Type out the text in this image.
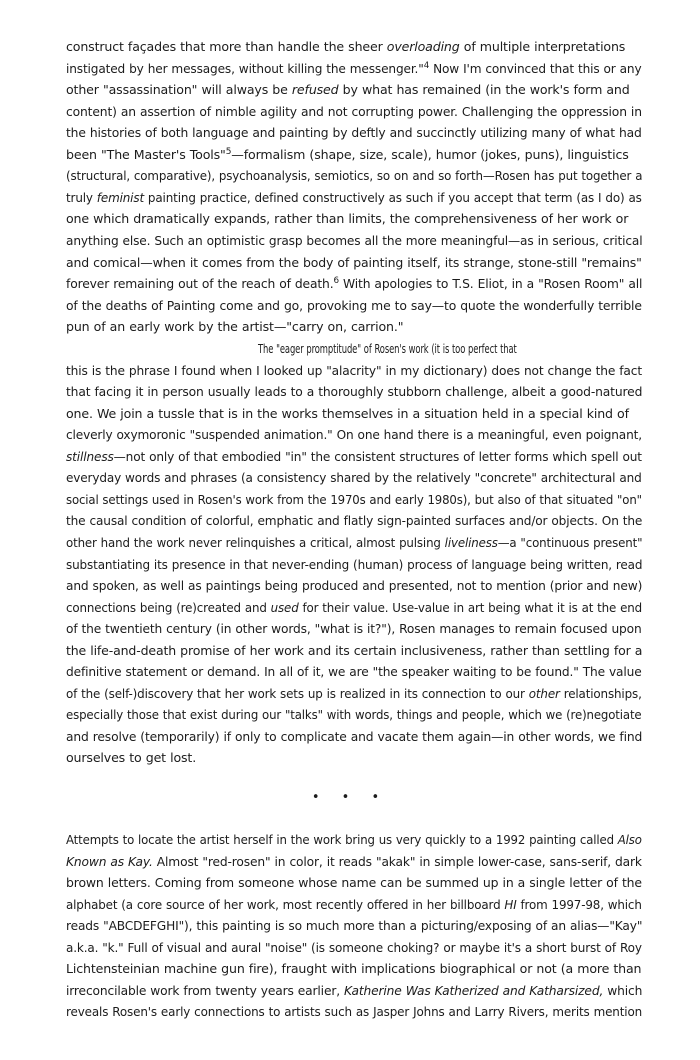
construct façades that more than handle the sheer overloading of multiple interpretations
instigated by her messages, without killing the messenger."$^4$ Now I'm convinced that this or any
other "assassination" will always be refused by what has remained (in the work's form and
content) an assertion of nimble agility and not corrupting power. Challenging the oppression in
the histories of both language and painting by deftly and succinctly utilizing many of what had
been "The Master's Tools"$^5$—formalism (shape, size, scale), humor (jokes, puns), linguistics
(structural, comparative), psychoanalysis, semiotics, so on and so forth—Rosen has put together a
truly feminist painting practice, defined constructively as such if you accept that term (as I do) as
one which dramatically expands, rather than limits, the comprehensiveness of her work or
anything else. Such an optimistic grasp becomes all the more meaningful—as in serious, critical
and comical—when it comes from the body of painting itself, its strange, stone-still "remains"
forever remaining out of the reach of death.$^6$ With apologies to T.S. Eliot, in a "Rosen Room" all
of the deaths of Painting come and go, provoking me to say—to quote the wonderfully terrible
pun of an early work by the artist—"carry on, carrion."
The "eager promptitude" of Rosen's work (it is too perfect that
this is the phrase I found when I looked up "alacrity" in my dictionary) does not change the fact
that facing it in person usually leads to a thoroughly stubborn challenge, albeit a good-natured
one. We join a tussle that is in the works themselves in a situation held in a special kind of
cleverly oxymoronic "suspended animation." On one hand there is a meaningful, even poignant,
stillness—not only of that embodied "in" the consistent structures of letter forms which spell out
everyday words and phrases (a consistency shared by the relatively "concrete" architectural and
social settings used in Rosen's work from the 1970s and early 1980s), but also of that situated "on"
the causal condition of colorful, emphatic and flatly sign-painted surfaces and/or objects. On the
other hand the work never relinquishes a critical, almost pulsing liveliness—a "continuous present"
substantiating its presence in that never-ending (human) process of language being written, read
and spoken, as well as paintings being produced and presented, not to mention (prior and new)
connections being (re)created and used for their value. Use-value in art being what it is at the end
of the twentieth century (in other words, "what is it?"), Rosen manages to remain focused upon
the life-and-death promise of her work and its certain inclusiveness, rather than settling for a
definitive statement or demand. In all of it, we are "the speaker waiting to be found." The value
of the (self-)discovery that her work sets up is realized in its connection to our other relationships,
especially those that exist during our "talks" with words, things and people, which we (re)negotiate
and resolve (temporarily) if only to complicate and vacate them again—in other words, we find
ourselves to get lost.
• • •
Attempts to locate the artist herself in the work bring us very quickly to a 1992 painting called Also
Known as Kay. Almost "red-rosen" in color, it reads "akak" in simple lower-case, sans-serif, dark
brown letters. Coming from someone whose name can be summed up in a single letter of the
alphabet (a core source of her work, most recently offered in her billboard HI from 1997-98, which
reads "ABCDEFGHI"), this painting is so much more than a picturing/exposing of an alias—"Kay"
a.k.a. "k." Full of visual and aural "noise" (is someone choking? or maybe it's a short burst of Roy
Lichtensteinian machine gun fire), fraught with implications biographical or not (a more than
irreconcilable work from twenty years earlier, Katherine Was Katherized and Katharsized, which
reveals Rosen's early connections to artists such as Jasper Johns and Larry Rivers, merits mention
